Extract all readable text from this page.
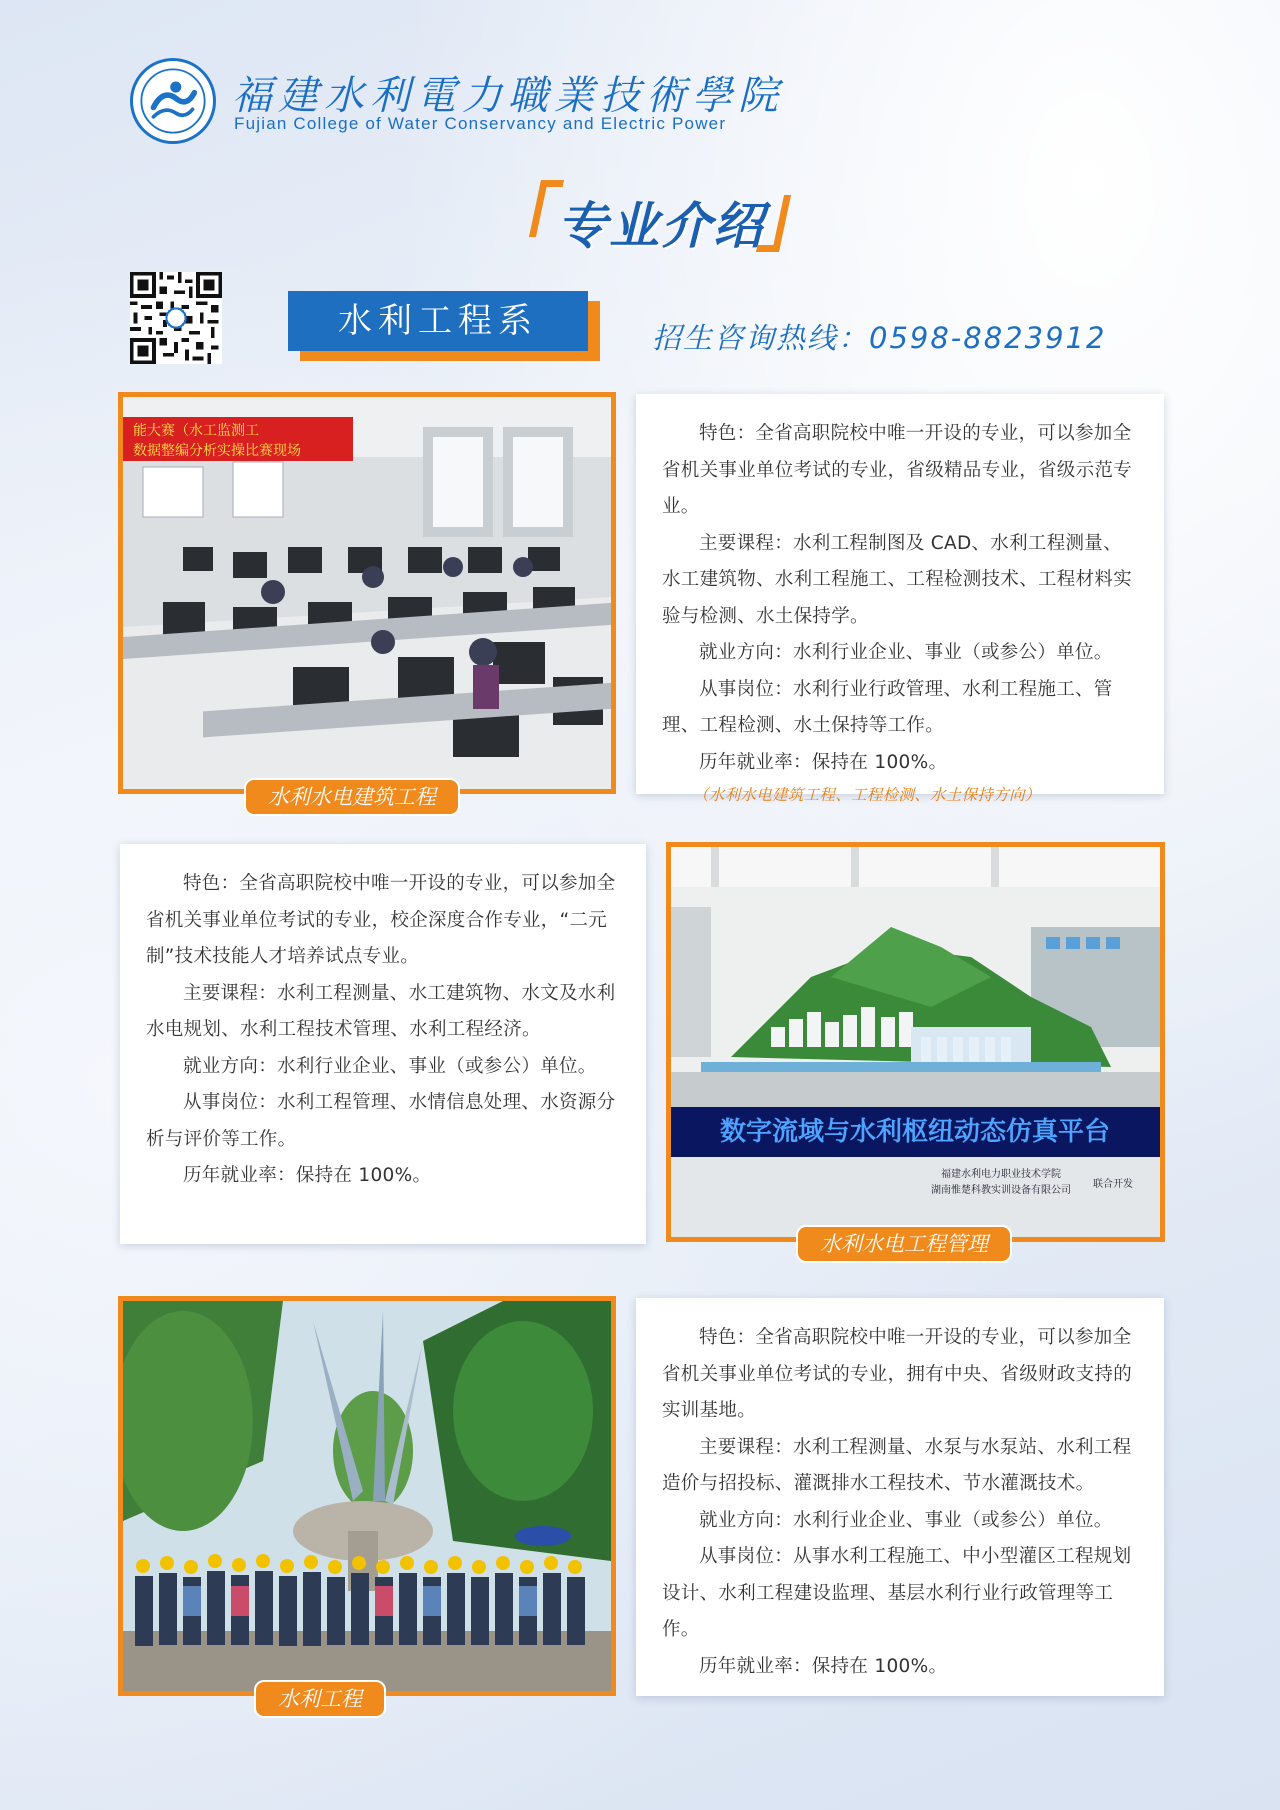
福建水利電力職業技術學院
Fujian College of Water Conservancy and Electric Power
专业介绍
水利工程系	招生咨询热线：0598-8823912
能大赛（水工监测工
数据整编分析实操比赛现场
水利水电建筑工程

特色：全省高职院校中唯一开设的专业，可以参加全省机关事业单位考试的专业，省级精品专业，省级示范专业。

主要课程：水利工程制图及 CAD、水利工程测量、水工建筑物、水利工程施工、工程检测技术、工程材料实验与检测、水土保持学。

就业方向：水利行业企业、事业（或参公）单位。

从事岗位：水利行业行政管理、水利工程施工、管理、工程检测、水土保持等工作。

历年就业率：保持在 100%。

（水利水电建筑工程、工程检测、水土保持方向）

特色：全省高职院校中唯一开设的专业，可以参加全省机关事业单位考试的专业，校企深度合作专业，“二元制”技术技能人才培养试点专业。

主要课程：水利工程测量、水工建筑物、水文及水利水电规划、水利工程技术管理、水利工程经济。

就业方向：水利行业企业、事业（或参公）单位。

从事岗位：水利工程管理、水情信息处理、水资源分析与评价等工作。

历年就业率：保持在 100%。

数字流域与水利枢纽动态仿真平台
福建水利电力职业技术学院
湖南惟楚科教实训设备有限公司
联合开发
水利水电工程管理
水利工程

特色：全省高职院校中唯一开设的专业，可以参加全省机关事业单位考试的专业，拥有中央、省级财政支持的实训基地。

主要课程：水利工程测量、水泵与水泵站、水利工程造价与招投标、灌溉排水工程技术、节水灌溉技术。

就业方向：水利行业企业、事业（或参公）单位。

从事岗位：从事水利工程施工、中小型灌区工程规划设计、水利工程建设监理、基层水利行业行政管理等工作。

历年就业率：保持在 100%。
